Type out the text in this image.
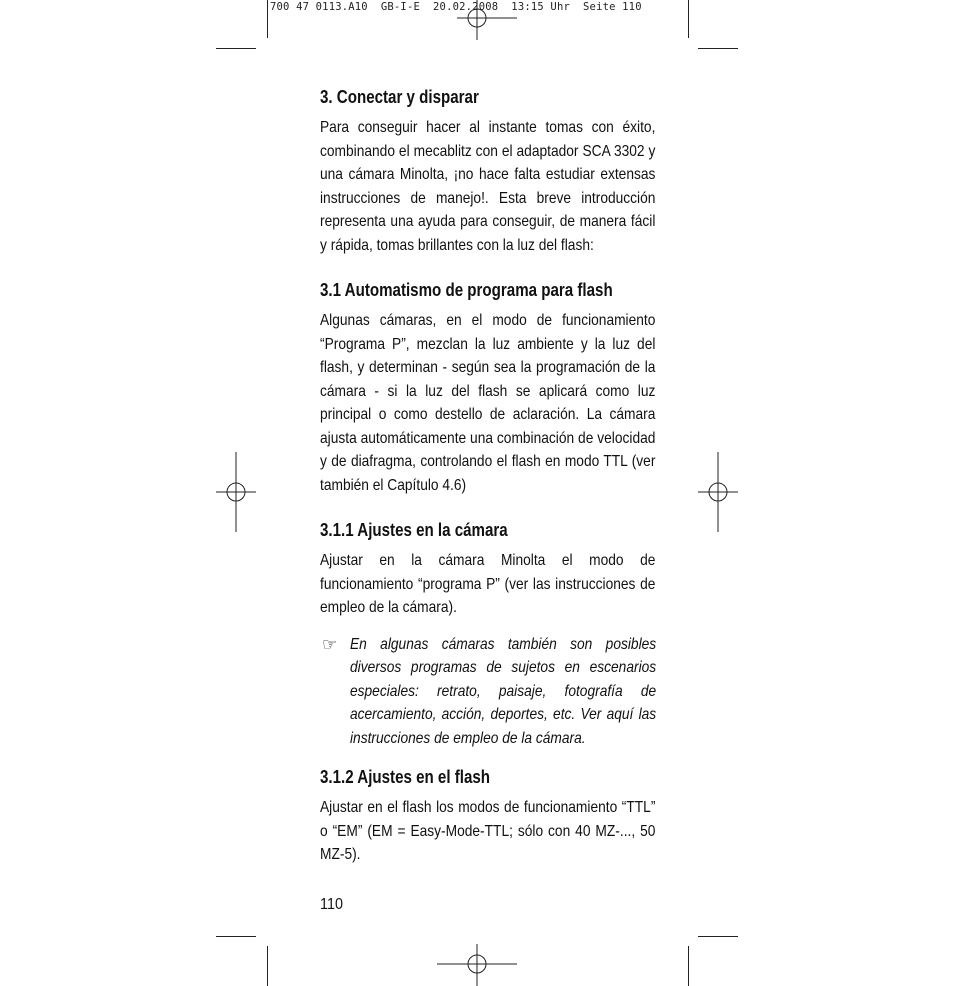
700 47 0113.A10  GB-I-E  20.02.2008  13:15 Uhr  Seite 110
3. Conectar y disparar

Para conseguir hacer al instante tomas con éxito, combinando el mecablitz con el adaptador SCA 3302 y una cámara Minolta, ¡no hace falta estudiar extensas instrucciones de manejo!. Esta breve introducción representa una ayuda para conseguir, de manera fácil y rápida, tomas brillantes con la luz del flash:

3.1 Automatismo de programa para flash

Algunas cámaras, en el modo de funcionamiento “Programa P”, mezclan la luz ambiente y la luz del flash, y determinan - según sea la programación de la cámara - si la luz del flash se aplicará como luz principal o como destello de aclaración. La cámara ajusta automáticamente una combinación de velocidad y de diafragma, controlando el flash en modo TTL (ver también el Capítulo 4.6)

3.1.1 Ajustes en la cámara

Ajustar en la cámara Minolta el modo de funcionamiento “programa P” (ver las instrucciones de empleo de la cámara).

☞ En algunas cámaras también son posibles diversos programas de sujetos en escenarios especiales: retrato, paisaje, fotografía de acercamiento, acción, deportes, etc. Ver aquí las instrucciones de empleo de la cámara.

3.1.2 Ajustes en el flash

Ajustar en el flash los modos de funcionamiento “TTL” o “EM” (EM = Easy-Mode-TTL; sólo con 40 MZ-..., 50 MZ-5).

110
